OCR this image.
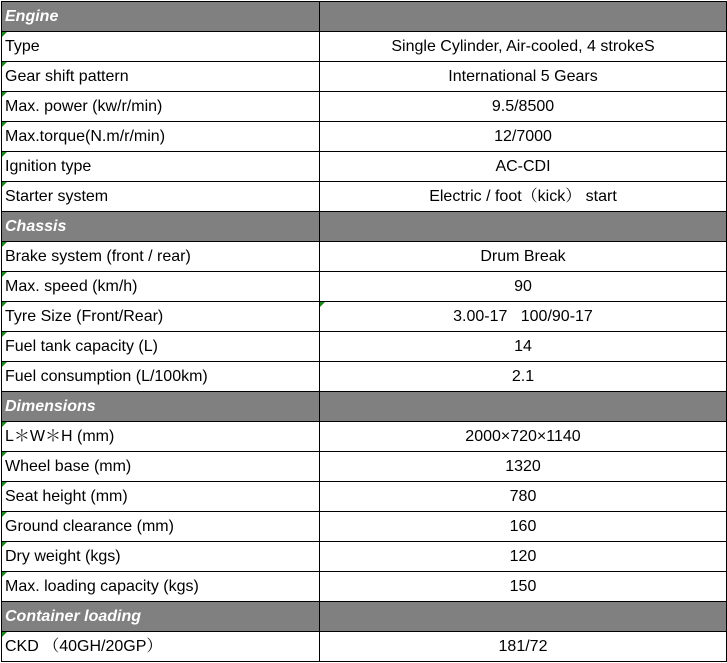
Engine	
Type	Single Cylinder, Air-cooled, 4 strokeS
Gear shift pattern	International 5 Gears
Max. power (kw/r/min)	9.5/8500
Max.torque(N.m/r/min)	12/7000
Ignition type	AC-CDI
Starter system	Electric / foot（kick） start
Chassis	
Brake system (front / rear)	Drum Break
Max. speed (km/h)	90
Tyre Size (Front/Rear)	3.00-17   100/90-17
Fuel tank capacity (L)	14
Fuel consumption (L/100km)	2.1
Dimensions	
L＊W＊H (mm)	2000×720×1140
Wheel base (mm)	1320
Seat height (mm)	780
Ground clearance (mm)	160
Dry weight (kgs)	120
Max. loading capacity (kgs)	150
Container loading	
CKD （40GH/20GP）	181/72
